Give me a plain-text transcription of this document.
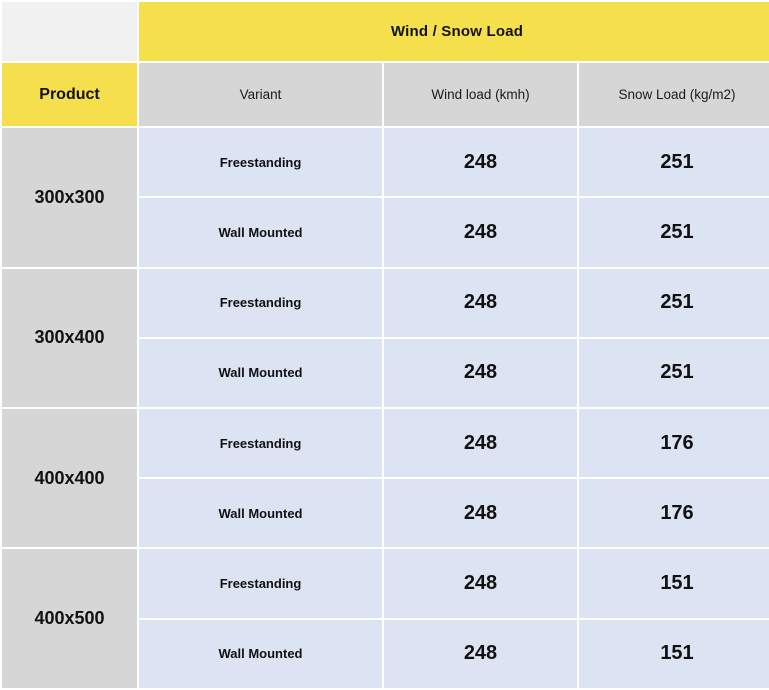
	Wind / Snow Load		
Product	Variant	Wind load (kmh)	Snow Load (kg/m2)
300x300	Freestanding	248	251
	Wall Mounted	248	251
300x400	Freestanding	248	251
	Wall Mounted	248	251
400x400	Freestanding	248	176
	Wall Mounted	248	176
400x500	Freestanding	248	151
	Wall Mounted	248	151
